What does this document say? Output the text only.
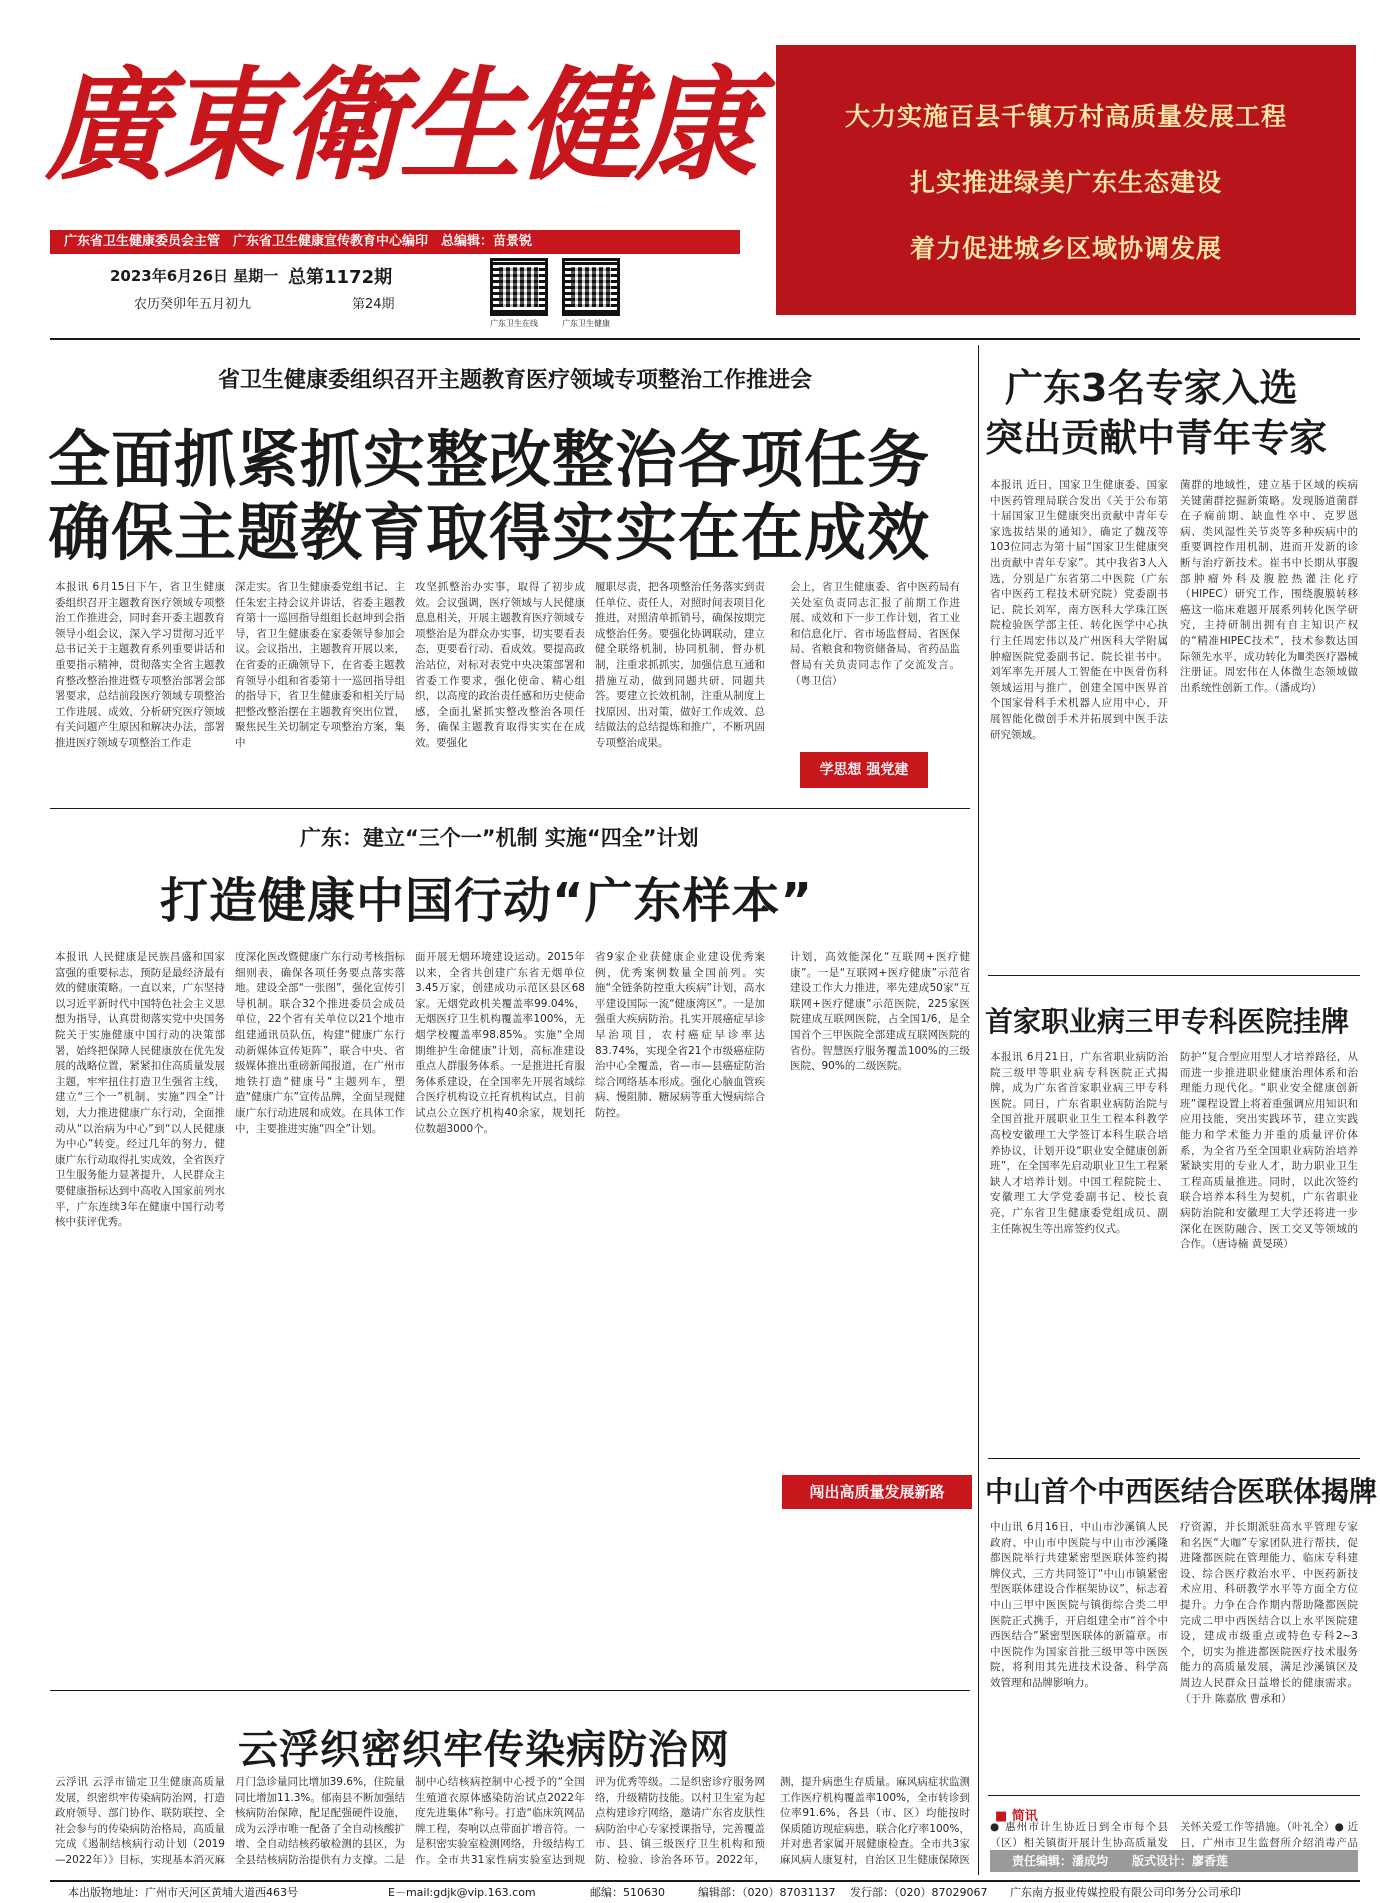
廣東衛生健康
广东省卫生健康委员会主管　广东省卫生健康宣传教育中心编印　总编辑：苗景锐
2023年6月26日 星期一
农历癸卯年五月初九
总第1172期
第24期
广东卫生在线	广东卫生健康
大力实施百县千镇万村高质量发展工程
扎实推进绿美广东生态建设
着力促进城乡区域协调发展
省卫生健康委组织召开主题教育医疗领域专项整治工作推进会
全面抓紧抓实整改整治各项任务
确保主题教育取得实实在在成效
本报讯 6月15日下午，省卫生健康委组织召开主题教育医疗领域专项整治工作推进会，同时套开委主题教育领导小组会议，深入学习贯彻习近平总书记关于主题教育系列重要讲话和重要指示精神，贯彻落实全省主题教育整改整治推进暨专项整治部署会部署要求，总结前段医疗领域专项整治工作进展、成效，分析研究医疗领域有关问题产生原因和解决办法，部署推进医疗领域专项整治工作走
深走实。省卫生健康委党组书记、主任朱宏主持会议并讲话，省委主题教育第十一巡回指导组组长赵坤到会指导，省卫生健康委在家委领导参加会议。会议指出，主题教育开展以来，在省委的正确领导下，在省委主题教育领导小组和省委第十一巡回指导组的指导下，省卫生健康委和相关厅局把整改整治摆在主题教育突出位置，聚焦民生关切制定专项整治方案，集中
攻坚抓整治办实事，取得了初步成效。会议强调，医疗领域与人民健康息息相关，开展主题教育医疗领域专项整治是为群众办实事，切实要看表态，更要看行动、看成效。要提高政治站位，对标对表党中央决策部署和省委工作要求，强化使命、精心组织，以高度的政治责任感和历史使命感，全面扎紧抓实整改整治各项任务，确保主题教育取得实实在在成效。要强化
履职尽责，把各项整治任务落实到责任单位、责任人，对照时间表项目化推进，对照清单抓销号，确保按期完成整治任务。要强化协调联动，建立健全联络机制，协同机制，督办机制，注重求抓抓实，加强信息互通和措施互动，做到同题共研、同题共答。要建立长效机制，注重从制度上找原因、出对策，做好工作成效、总结做法的总结提炼和推广，不断巩固专项整治成果。
会上，省卫生健康委、省中医药局有关处室负责同志汇报了前期工作进展、成效和下一步工作计划，省工业和信息化厅、省市场监督局、省医保局、省粮食和物资储备局、省药品监督局有关负责同志作了交流发言。（粤卫信）
学思想 强党建
广东：建立“三个一”机制 实施“四全”计划
打造健康中国行动“广东样本”
本报讯 人民健康是民族昌盛和国家富强的重要标志，预防是最经济最有效的健康策略。一直以来，广东坚持以习近平新时代中国特色社会主义思想为指导，认真贯彻落实党中央国务院关于实施健康中国行动的决策部署，始终把保障人民健康放在优先发展的战略位置，紧紧扣住高质量发展主题，牢牢扭住打造卫生强省主线，建立“三个一”机制、实施“四全”计划，大力推进健康广东行动，全面推动从“以治病为中心”到“以人民健康为中心”转变。经过几年的努力，健康广东行动取得扎实成效，全省医疗卫生服务能力显著提升，人民群众主要健康指标达到中高收入国家前列水平，广东连续3年在健康中国行动考核中获评优秀。
度深化医改暨健康广东行动考核指标细则表，确保各项任务要点落实落地。建设全部“一张图”，强化宣传引导机制。联合32个推进委员会成员单位，22个省有关单位以21个地市组建通讯员队伍，构建“健康广东行动新媒体宣传矩阵”，联合中央、省级媒体推出重磅新闻报道，在广州市地铁打造“健康号”主题列车，塑造“健康广东”宣传品牌，全面呈现健康广东行动进展和成效。在具体工作中，主要推进实施“四全”计划。
面开展无烟环境建设运动。2015年以来，全省共创建广东省无烟单位3.45万家，创建成功示范区县区68家。无烟党政机关覆盖率99.04%，无烟医疗卫生机构覆盖率100%，无烟学校覆盖率98.85%。实施“全周期维护生命健康”计划，高标准建设重点人群服务体系。一是推进托育服务体系建设，在全国率先开展省域综合医疗机构设立托育机构试点，目前试点公立医疗机构40余家，规划托位数超3000个。
省9家企业获健康企业建设优秀案例，优秀案例数量全国前列。实施“全链条防控重大疾病”计划，高水平建设国际一流“健康湾区”。一是加强重大疾病防治。扎实开展癌症早诊早治项目，农村癌症早诊率达83.74%，实现全省21个市级癌症防治中心全覆盖，省—市—县癌症防治综合网络基本形成。强化心脑血管疾病、慢阻肺、糖尿病等重大慢病综合防控。
计划，高效能深化“互联网+医疗健康”。一是“互联网+医疗健康”示范省建设工作大力推进，率先建成50家“互联网+医疗健康”示范医院，225家医院建成互联网医院，占全国1/6，是全国首个三甲医院全部建成互联网医院的省份。智慧医疗服务覆盖100%的三级医院、90%的二级医院。
闯出高质量发展新路
云浮织密织牢传染病防治网
云浮讯 云浮市锚定卫生健康高质量发展，织密织牢传染病防治网，打造政府领导、部门协作、联防联控、全社会参与的传染病防治格局，高质量完成《遏制结核病行动计划（2019—2022年）》目标，实现基本消灭麻
月门急诊量同比增加39.6%，住院量同比增加11.3%。郁南县不断加强结核病防治保障，配足配强硬件设施，成为云浮市唯一配备了全自动核酸扩增、全自动结核药敏检测的县区，为全县结核病防治提供有力支撑。二是
制中心结核病控制中心授予的“全国生殖道衣原体感染防治试点2022年度先进集体”称号。打造“临床筑网品牌工程，奏响以点带面扩增音符。一是积密实验室检测网络，升级结构工作。全市共31家性病实验室达到规
评为优秀等级。二是织密诊疗服务网络，升级精防技能。以村卫生室为起点构建诊疗网络，邀请广东省皮肤性病防治中心专家授课指导，完善覆盖市、县、镇三级医疗卫生机构和预防、检验、诊治各环节。2022年，
测，提升病患生存质量。麻风病症状监测工作医疗机构覆盖率100%，全市转诊到位率91.6%，各县（市、区）均能按时保质随访现症病患，联合化疗率100%，并对患者家属开展健康检查。全市共3家麻风病人康复村，自治区卫生健康保障医
广东3名专家入选
突出贡献中青年专家
本报讯 近日，国家卫生健康委、国家中医药管理局联合发出《关于公布第十届国家卫生健康突出贡献中青年专家选拔结果的通知》，确定了魏茂等103位同志为第十届“国家卫生健康突出贡献中青年专家”。其中我省3人入选，分别是广东省第二中医院（广东省中医药工程技术研究院）党委副书记、院长刘军，南方医科大学珠江医院检验医学部主任、转化医学中心执行主任周宏伟以及广州医科大学附属肿瘤医院党委副书记、院长崔书中。刘军率先开展人工智能在中医骨伤科领域运用与推广，创建全国中医界首个国家骨科手术机器人应用中心，开展智能化微创手术并拓展到中医手法研究领域。
菌群的地域性，建立基于区域的疾病关键菌群挖掘新策略。发现肠道菌群在子痫前期、缺血性卒中、克罗恩病、类风湿性关节炎等多种疾病中的重要调控作用机制，进而开发新的诊断与治疗新技术。崔书中长期从事腹部肿瘤外科及腹腔热灌注化疗（HIPEC）研究工作，围绕腹膜转移癌这一临床难题开展系列转化医学研究，主持研制出拥有自主知识产权的“精准HIPEC技术”，技术参数达国际领先水平，成功转化为Ⅲ类医疗器械注册证。周宏伟在人体微生态领域做出系统性创新工作。（潘成均）
首家职业病三甲专科医院挂牌
本报讯 6月21日，广东省职业病防治院三级甲等职业病专科医院正式揭牌，成为广东省首家职业病三甲专科医院。同日，广东省职业病防治院与全国首批开展职业卫生工程本科教学高校安徽理工大学签订本科生联合培养协议，计划开设“职业安全健康创新班”，在全国率先启动职业卫生工程紧缺人才培养计划。中国工程院院士、安徽理工大学党委副书记、校长袁亮，广东省卫生健康委党组成员、副主任陈祝生等出席签约仪式。
防护”复合型应用型人才培养路径，从而进一步推进职业健康治理体系和治理能力现代化。“职业安全健康创新班”课程设置上将着重强调应用知识和应用技能，突出实践环节，建立实践能力和学术能力并重的质量评价体系，为全省乃至全国职业病防治培养紧缺实用的专业人才，助力职业卫生工程高质量推进。同时，以此次签约联合培养本科生为契机，广东省职业病防治院和安徽理工大学还将进一步深化在医防融合、医工交叉等领域的合作。（唐诗楠 黄旻瑛）
中山首个中西医结合医联体揭牌
中山讯 6月16日，中山市沙溪镇人民政府、中山市中医院与中山市沙溪隆都医院举行共建紧密型医联体签约揭牌仪式，三方共同签订“中山市镇紧密型医联体建设合作框架协议”，标志着中山三甲中医医院与镇街综合类二甲医院正式携手，开启组建全市“首个中西医结合”紧密型医联体的新篇章。市中医院作为国家首批三级甲等中医医院，将利用其先进技术设备、科学高效管理和品牌影响力。
疗资源，并长期派驻高水平管理专家和名医“大咖”专家团队进行帮扶，促进隆都医院在管理能力、临床专科建设、综合医疗救治水平、中医药新技术应用、科研教学水平等方面全方位提升。力争在合作期内帮助隆都医院完成二甲中西医结合以上水平医院建设，建成市级重点或特色专科2~3个，切实为推进都医院医疗技术服务能力的高质量发展，满足沙溪镇区及周边人民群众日益增长的健康需求。（于升 陈嘉欣 曹承和）
■ 简讯
● 惠州市计生协近日到全市每个县（区）相关镇街开展计生协高质量发
关怀关爱工作等措施。（叶礼全）● 近日，广州市卫生监督所介绍消毒产品
责任编辑：潘成均　　版式设计：廖香莲
本出版物地址：广州市天河区黄埔大道西463号	E－mail:gdjk@vip.163.com	邮编：510630	编辑部：（020）87031137 发行部：（020）87029067 广东南方报业传媒控股有限公司印务分公司承印
